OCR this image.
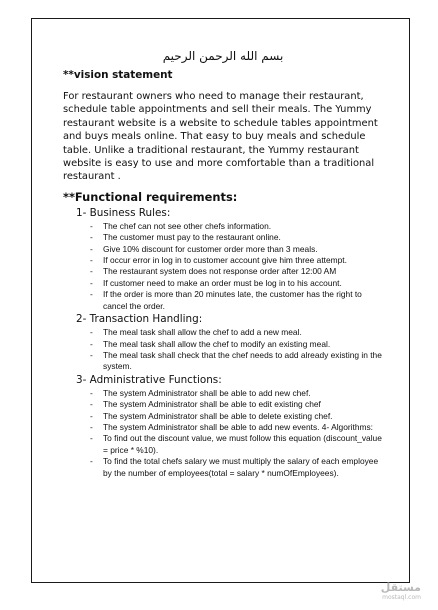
بسم الله الرحمن الرحيم
**vision statement
For restaurant owners who need to manage their restaurant, schedule table appointments and sell their meals. The Yummy restaurant website is a website to schedule tables appointment and buys meals online. That easy to buy meals and schedule table. Unlike a traditional restaurant, the Yummy restaurant website is easy to use and more comfortable than a traditional restaurant .
**Functional requirements:
1- Business Rules:
- The chef can not see other chefs information.
- The customer must pay to the restaurant online.
- Give 10% discount for customer order more than 3 meals.
- If occur error in log in to customer account give him three attempt.
- The restaurant system does not response order after 12:00 AM
- If customer need to make an order must be log in to his account.
- If the order is more than 20 minutes late, the customer has the right to cancel the order.
2- Transaction Handling:
- The meal task shall allow the chef to add a new meal.
- The meal task shall allow the chef to modify an existing meal.
- The meal task shall check that the chef needs to add already existing in the system.
3- Administrative Functions:
- The system Administrator shall be able to add new chef.
- The system Administrator shall be able to edit existing chef
- The system Administrator shall be able to delete existing chef.
- The system Administrator shall be able to add new events. 4- Algorithms:
- To find out the discount value, we must follow this equation (discount_value = price * %10).
- To find the total chefs salary we must multiply the salary of each employee by the number of employees(total = salary * numOfEmployees).
مستقل
mostaql.com
